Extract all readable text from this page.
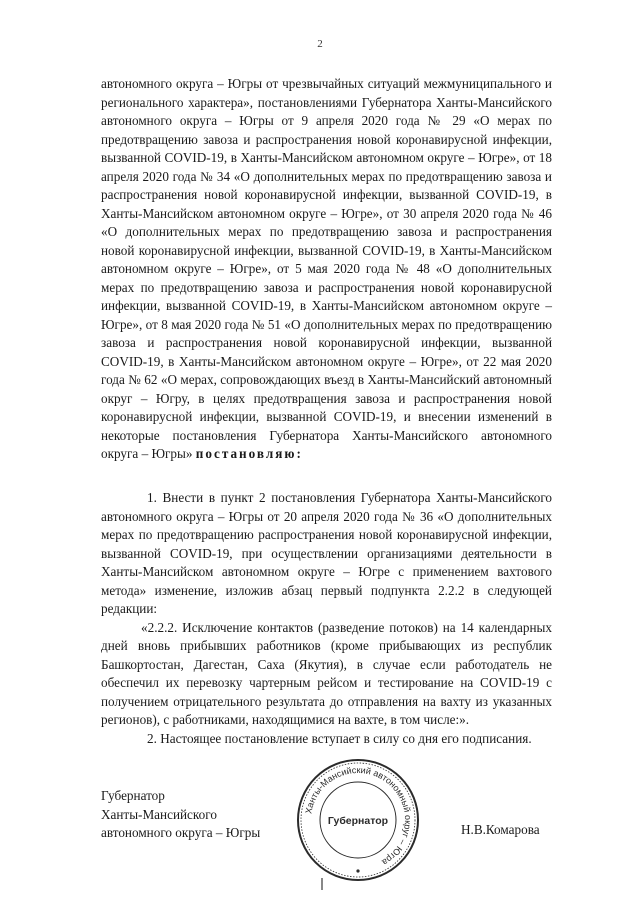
2

автономного округа – Югры от чрезвычайных ситуаций межмуниципального и регионального характера», постановлениями Губернатора Ханты-Мансийского автономного округа – Югры от 9 апреля 2020 года № 29 «О мерах по предотвращению завоза и распространения новой коронавирусной инфекции, вызванной COVID-19, в Ханты-Мансийском автономном округе – Югре», от 18 апреля 2020 года № 34 «О дополнительных мерах по предотвращению завоза и распространения новой коронавирусной инфекции, вызванной COVID-19, в Ханты-Мансийском автономном округе – Югре», от 30 апреля 2020 года № 46 «О дополнительных мерах по предотвращению завоза и распространения новой коронавирусной инфекции, вызванной COVID-19, в Ханты-Мансийском автономном округе – Югре», от 5 мая 2020 года № 48 «О дополнительных мерах по предотвращению завоза и распространения новой коронавирусной инфекции, вызванной COVID-19, в Ханты-Мансийском автономном округе – Югре», от 8 мая 2020 года № 51 «О дополнительных мерах по предотвращению завоза и распространения новой коронавирусной инфекции, вызванной COVID-19, в Ханты-Мансийском автономном округе – Югре», от 22 мая 2020 года № 62 «О мерах, сопровождающих въезд в Ханты-Мансийский автономный округ – Югру, в целях предотвращения завоза и распространения новой коронавирусной инфекции, вызванной COVID-19, и внесении изменений в некоторые постановления Губернатора Ханты-Мансийского автономного округа – Югры» постановляю:

1. Внести в пункт 2 постановления Губернатора Ханты-Мансийского автономного округа – Югры от 20 апреля 2020 года № 36 «О дополнительных мерах по предотвращению распространения новой коронавирусной инфекции, вызванной COVID-19, при осуществлении организациями деятельности в Ханты-Мансийском автономном округе – Югре с применением вахтового метода» изменение, изложив абзац первый подпункта 2.2.2 в следующей редакции:

«2.2.2. Исключение контактов (разведение потоков) на 14 календарных дней вновь прибывших работников (кроме прибывающих из республик Башкортостан, Дагестан, Саха (Якутия), в случае если работодатель не обеспечил их перевозку чартерным рейсом и тестирование на COVID-19 с получением отрицательного результата до отправления на вахту из указанных регионов), с работниками, находящимися на вахте, в том числе:».

2. Настоящее постановление вступает в силу со дня его подписания.

Губернатор
Ханты-Мансийского
автономного округа – Югры	Н.В.Комарова
Ханты-Мансийский автономный округ – Югра
Губернатор
